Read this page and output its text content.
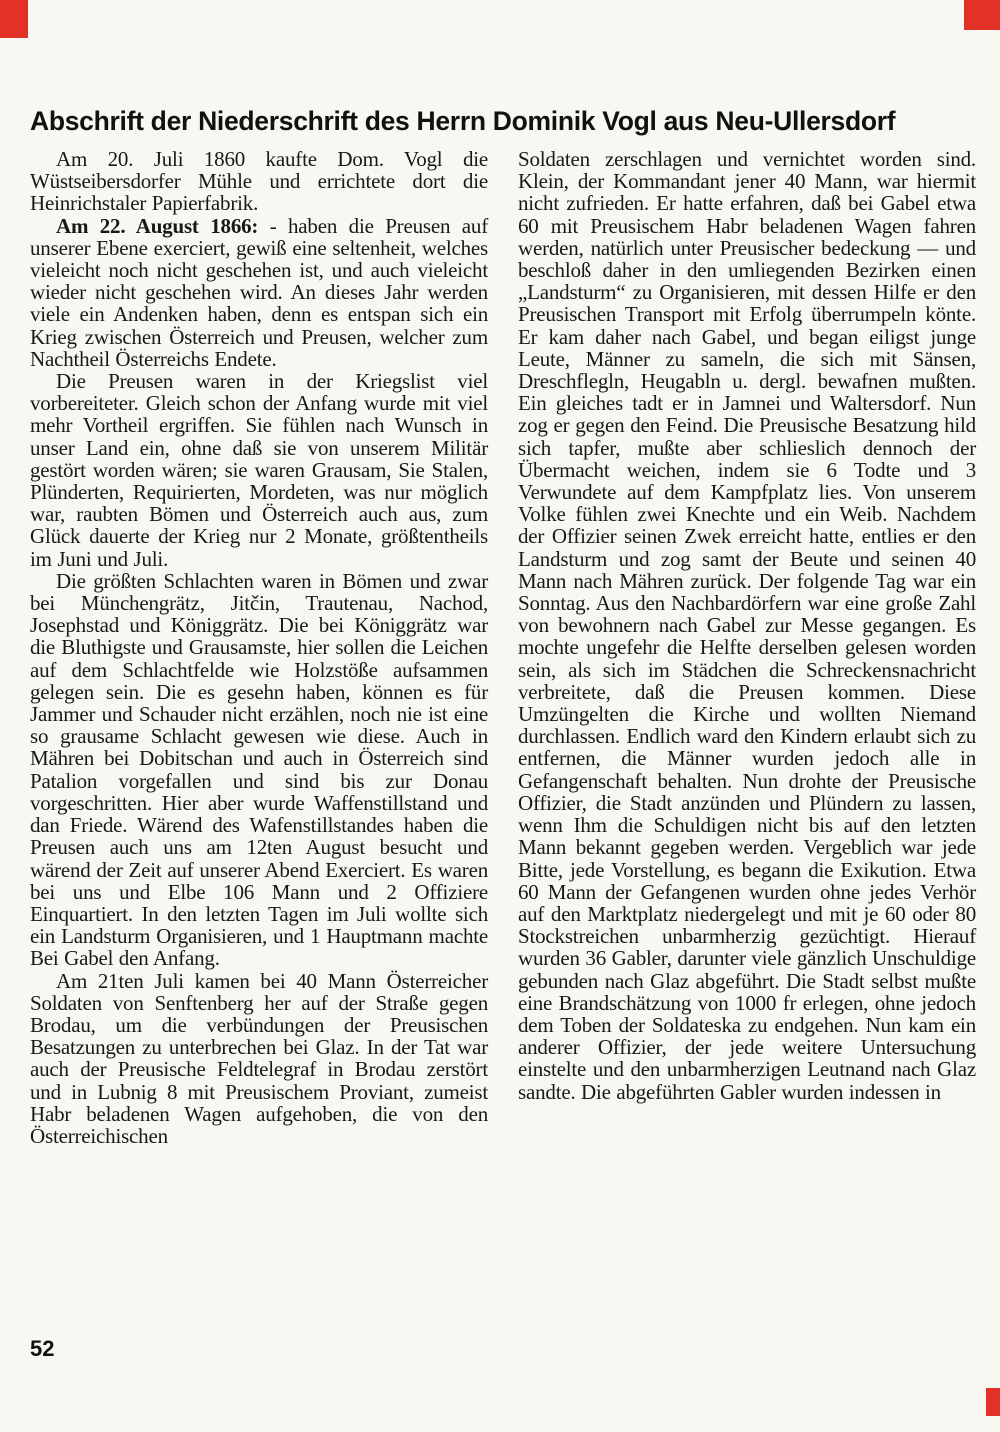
Abschrift der Niederschrift des Herrn Dominik Vogl aus Neu-Ullersdorf

Am 20. Juli 1860 kaufte Dom. Vogl die Wüstseibersdorfer Mühle und errichtete dort die Heinrichstaler Papierfabrik.

Am 22. August 1866: - haben die Preusen auf unserer Ebene exerciert, gewiß eine seltenheit, welches vieleicht noch nicht geschehen ist, und auch vieleicht wieder nicht geschehen wird. An dieses Jahr werden viele ein Andenken haben, denn es entspan sich ein Krieg zwischen Österreich und Preusen, welcher zum Nachtheil Österreichs Endete.

Die Preusen waren in der Kriegslist viel vorbereiteter. Gleich schon der Anfang wurde mit viel mehr Vortheil ergriffen. Sie fühlen nach Wunsch in unser Land ein, ohne daß sie von unserem Militär gestört worden wären; sie waren Grausam, Sie Stalen, Plünderten, Requirierten, Mordeten, was nur möglich war, raubten Bömen und Österreich auch aus, zum Glück dauerte der Krieg nur 2 Monate, größtentheils im Juni und Juli.

Die größten Schlachten waren in Bömen und zwar bei Münchengrätz, Jitčin, Trautenau, Nachod, Josephstad und Königgrätz. Die bei Königgrätz war die Bluthigste und Grausamste, hier sollen die Leichen auf dem Schlachtfelde wie Holzstöße aufsammen gelegen sein. Die es gesehn haben, können es für Jammer und Schauder nicht erzählen, noch nie ist eine so grausame Schlacht gewesen wie diese. Auch in Mähren bei Dobitschan und auch in Österreich sind Patalion vorgefallen und sind bis zur Donau vorgeschritten. Hier aber wurde Waffenstillstand und dan Friede. Wärend des Wafenstillstandes haben die Preusen auch uns am 12ten August besucht und wärend der Zeit auf unserer Abend Exerciert. Es waren bei uns und Elbe 106 Mann und 2 Offiziere Einquartiert. In den letzten Tagen im Juli wollte sich ein Landsturm Organisieren, und 1 Hauptmann machte Bei Gabel den Anfang.

Am 21ten Juli kamen bei 40 Mann Österreicher Soldaten von Senftenberg her auf der Straße gegen Brodau, um die verbündungen der Preusischen Besatzungen zu unterbrechen bei Glaz. In der Tat war auch der Preusische Feldtelegraf in Brodau zerstört und in Lubnig 8 mit Preusischem Proviant, zumeist Habr beladenen Wagen aufgehoben, die von den Österreichischen

Soldaten zerschlagen und vernichtet worden sind. Klein, der Kommandant jener 40 Mann, war hiermit nicht zufrieden. Er hatte erfahren, daß bei Gabel etwa 60 mit Preusischem Habr beladenen Wagen fahren werden, natürlich unter Preusischer bedeckung — und beschloß daher in den umliegenden Bezirken einen „Landsturm“ zu Organisieren, mit dessen Hilfe er den Preusischen Transport mit Erfolg überrumpeln könte. Er kam daher nach Gabel, und began eiligst junge Leute, Männer zu sameln, die sich mit Sänsen, Dreschflegln, Heugabln u. dergl. bewafnen mußten. Ein gleiches tadt er in Jamnei und Waltersdorf. Nun zog er gegen den Feind. Die Preusische Besatzung hild sich tapfer, mußte aber schlieslich dennoch der Übermacht weichen, indem sie 6 Todte und 3 Verwundete auf dem Kampfplatz lies. Von unserem Volke fühlen zwei Knechte und ein Weib. Nachdem der Offizier seinen Zwek erreicht hatte, entlies er den Landsturm und zog samt der Beute und seinen 40 Mann nach Mähren zurück. Der folgende Tag war ein Sonntag. Aus den Nachbardörfern war eine große Zahl von bewohnern nach Gabel zur Messe gegangen. Es mochte ungefehr die Helfte derselben gelesen worden sein, als sich im Städchen die Schreckensnachricht verbreitete, daß die Preusen kommen. Diese Umzüngelten die Kirche und wollten Niemand durchlassen. Endlich ward den Kindern erlaubt sich zu entfernen, die Männer wurden jedoch alle in Gefangenschaft behalten. Nun drohte der Preusische Offizier, die Stadt anzünden und Plündern zu lassen, wenn Ihm die Schuldigen nicht bis auf den letzten Mann bekannt gegeben werden. Vergeblich war jede Bitte, jede Vorstellung, es begann die Exikution. Etwa 60 Mann der Gefangenen wurden ohne jedes Verhör auf den Marktplatz niedergelegt und mit je 60 oder 80 Stockstreichen unbarmherzig gezüchtigt. Hierauf wurden 36 Gabler, darunter viele gänzlich Unschuldige gebunden nach Glaz abgeführt. Die Stadt selbst mußte eine Brandschätzung von 1000 fr erlegen, ohne jedoch dem Toben der Soldateska zu endgehen. Nun kam ein anderer Offizier, der jede weitere Untersuchung einstelte und den unbarmherzigen Leutnand nach Glaz sandte. Die abgeführten Gabler wurden indessen in

52
